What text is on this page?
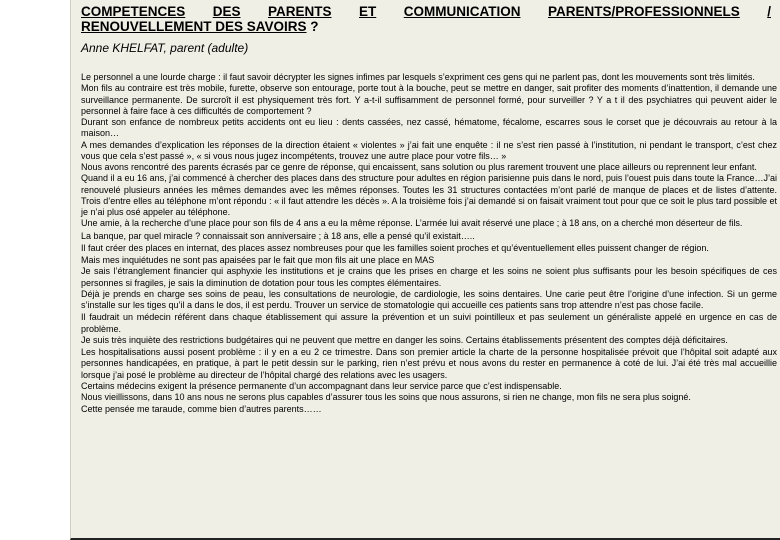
COMPETENCES DES PARENTS ET COMMUNICATION PARENTS/PROFESSIONNELS /
RENOUVELLEMENT DES SAVOIRS ?
Anne KHELFAT, parent (adulte)

Le personnel a une lourde charge : il faut savoir décrypter les signes infimes par lesquels s’expriment ces gens qui ne parlent pas, dont les mouvements sont très limités.

Mon fils au contraire est très mobile, furette, observe son entourage, porte tout à la bouche, peut se mettre en danger, sait profiter des moments d’inattention, il demande une surveillance permanente. De surcroît il est physiquement très fort. Y a-t-il suffisamment de personnel formé, pour surveiller ? Y a t il des psychiatres qui peuvent aider le personnel à faire face à ces difficultés de comportement ?

Durant son enfance de nombreux petits accidents ont eu lieu : dents cassées, nez cassé, hématome, fécalome, escarres sous le corset que je découvrais au retour à la maison…

A mes demandes d’explication les réponses de la direction étaient « violentes » j’ai fait une enquête : il ne s’est rien passé à l’institution, ni pendant le transport, c’est chez vous que cela s’est passé », « si vous nous jugez incompétents, trouvez une autre place pour votre fils… »

Nous avons rencontré des parents écrasés par ce genre de réponse, qui encaissent, sans solution ou plus rarement trouvent une place ailleurs ou reprennent leur enfant.

Quand il a eu 16 ans, j’ai commencé à chercher des places dans des structure pour adultes en région parisienne puis dans le nord, puis l’ouest puis dans toute la France…J’ai renouvelé plusieurs années les mêmes demandes avec les mêmes réponses. Toutes les 31 structures contactées m’ont parlé de manque de places et de listes d’attente. Trois d’entre elles au téléphone m’ont répondu : « il faut attendre les décès ». A la troisième fois j’ai demandé si on faisait vraiment tout pour que ce soit le plus tard possible et je n’ai plus osé appeler au téléphone.

Une amie, à la recherche d’une place pour son fils de 4 ans a eu la même réponse. L’armée lui avait réservé une place ; à 18 ans, on a cherché mon déserteur de fils.

La banque, par quel miracle ? connaissait son anniversaire ; à 18 ans, elle a pensé qu’il existait…..

Il faut créer des places en internat, des places assez nombreuses pour que les familles soient proches et qu’éventuellement elles puissent changer de région.

Mais mes inquiétudes ne sont pas apaisées par le fait que mon fils ait une place en MAS

Je sais l’étranglement financier qui asphyxie les institutions et je crains que les prises en charge et les soins ne soient plus suffisants pour les besoin spécifiques de ces personnes si fragiles, je sais la diminution de dotation pour tous les comptes élémentaires.

Déjà je prends en charge ses soins de peau, les consultations de neurologie, de cardiologie, les soins dentaires. Une carie peut être l’origine d’une infection. Si un germe s’installe sur les tiges qu’il a dans le dos, il est perdu. Trouver un service de stomatologie qui accueille ces patients sans trop attendre n’est pas chose facile.

Il faudrait un médecin référent dans chaque établissement qui assure la prévention et un suivi pointilleux et pas seulement un généraliste appelé en urgence en cas de problème.

Je suis très inquiète des restrictions budgétaires qui ne peuvent que mettre en danger les soins. Certains établissements présentent des comptes déjà déficitaires.

Les hospitalisations aussi posent problème : il y en a eu 2 ce trimestre. Dans son premier article la charte de la personne hospitalisée prévoit que l’hôpital soit adapté aux personnes handicapées, en pratique, à part le petit dessin sur le parking, rien n’est prévu et nous avons du rester en permanence à coté de lui. J’ai été très mal accueillie lorsque j’ai posé le problème au directeur de l’hôpital chargé des relations avec les usagers.

Certains médecins exigent la présence permanente d’un accompagnant dans leur service parce que c’est indispensable.

Nous vieillissons, dans 10 ans nous ne serons plus capables d’assurer tous les soins que nous assurons, si rien ne change, mon fils ne sera plus soigné.

Cette pensée me taraude, comme bien d’autres parents……
